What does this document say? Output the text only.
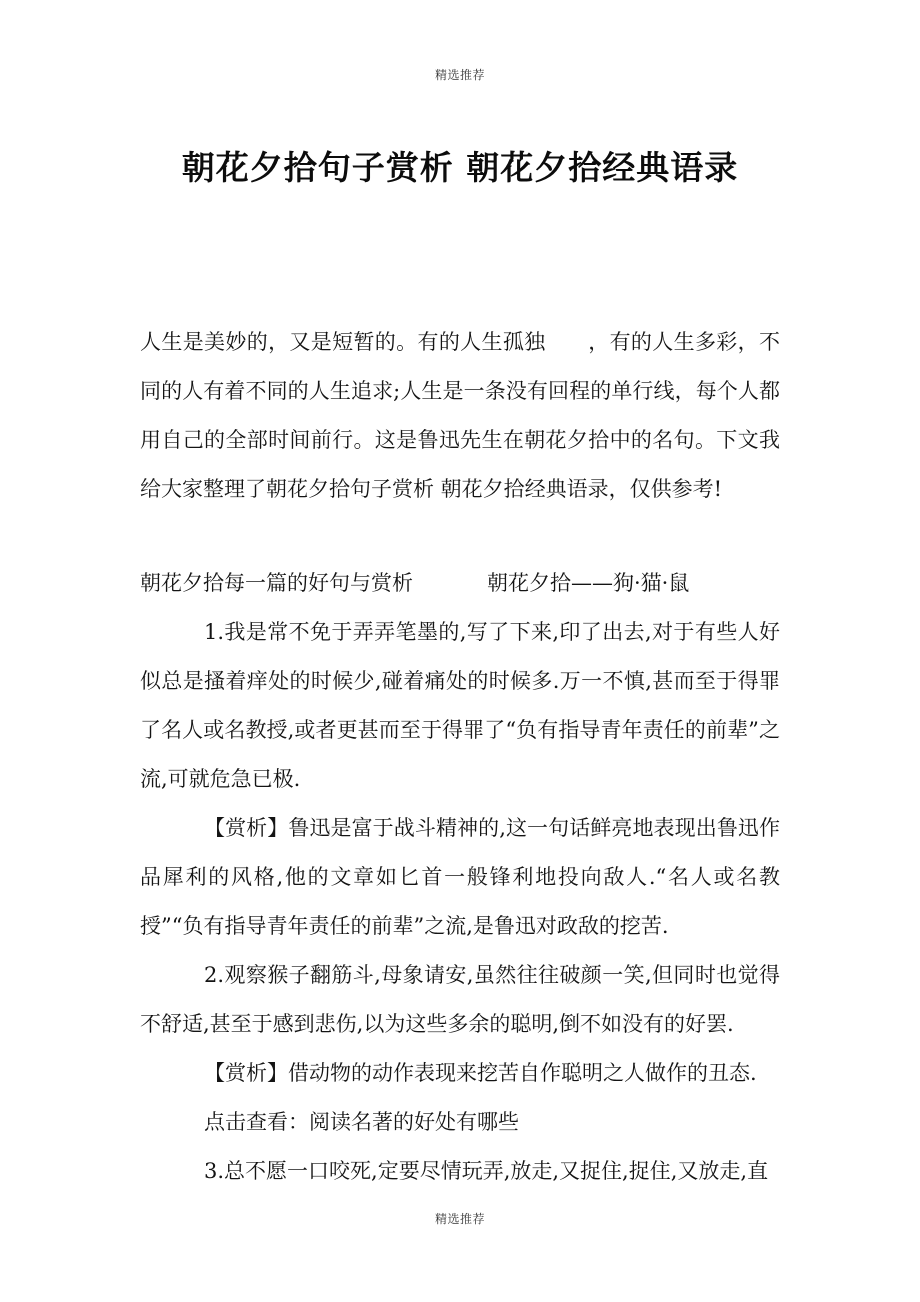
精选推荐
朝花夕拾句子赏析 朝花夕拾经典语录

人生是美妙的，又是短暂的。有的人生孤独　　，有的人生多彩，不同的人有着不同的人生追求;人生是一条没有回程的单行线，每个人都用自己的全部时间前行。这是鲁迅先生在朝花夕拾中的名句。下文我给大家整理了朝花夕拾句子赏析 朝花夕拾经典语录，仅供参考!

朝花夕拾每一篇的好句与赏析	朝花夕拾——狗·猫·鼠

1.我是常不免于弄弄笔墨的,写了下来,印了出去,对于有些人好似总是搔着痒处的时候少,碰着痛处的时候多.万一不慎,甚而至于得罪了名人或名教授,或者更甚而至于得罪了“负有指导青年责任的前辈”之流,可就危急已极.

【赏析】鲁迅是富于战斗精神的,这一句话鲜亮地表现出鲁迅作品犀利的风格,他的文章如匕首一般锋利地投向敌人.“名人或名教授”“负有指导青年责任的前辈”之流,是鲁迅对政敌的挖苦.

2.观察猴子翻筋斗,母象请安,虽然往往破颜一笑,但同时也觉得不舒适,甚至于感到悲伤,以为这些多余的聪明,倒不如没有的好罢.

【赏析】借动物的动作表现来挖苦自作聪明之人做作的丑态.

点击查看：阅读名著的好处有哪些

3.总不愿一口咬死,定要尽情玩弄,放走,又捉住,捉住,又放走,直

精选推荐
